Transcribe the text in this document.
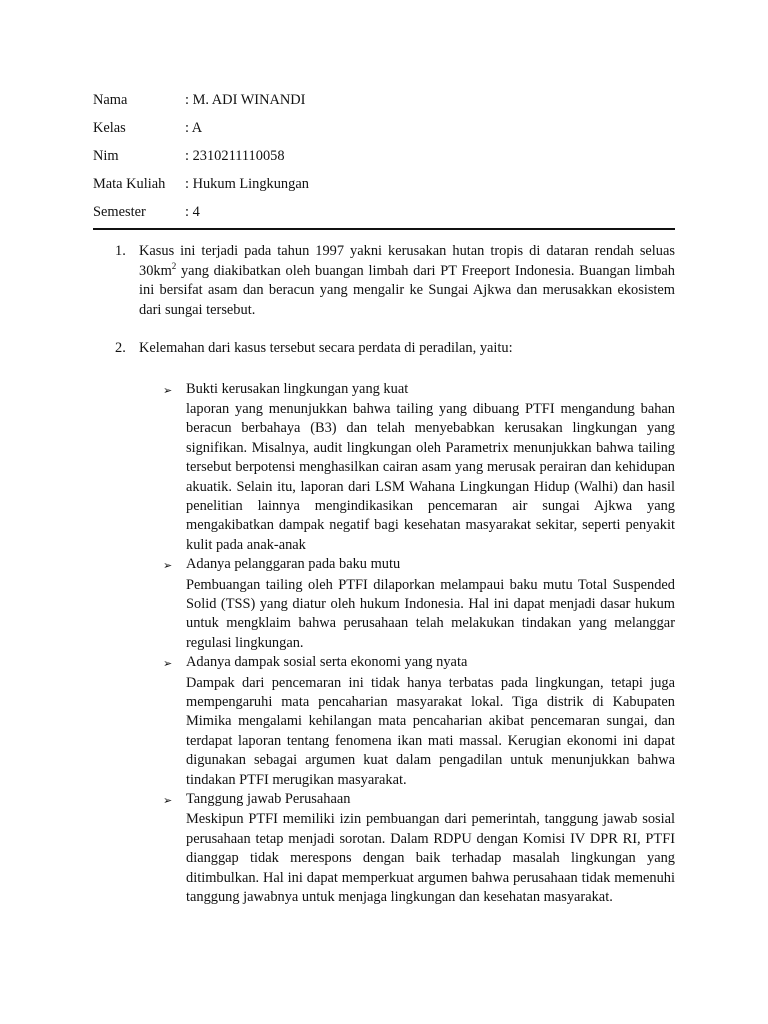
Nama	: M. ADI WINANDI
Kelas	: A
Nim	: 2310211110058
Mata Kuliah	: Hukum Lingkungan
Semester	: 4
1. Kasus ini terjadi pada tahun 1997 yakni kerusakan hutan tropis di dataran rendah seluas $30km^2$ yang diakibatkan oleh buangan limbah dari PT Freeport Indonesia. Buangan limbah ini bersifat asam dan beracun yang mengalir ke Sungai Ajkwa dan merusakkan ekosistem dari sungai tersebut.
2. Kelemahan dari kasus tersebut secara perdata di peradilan, yaitu:
➢ Bukti kerusakan lingkungan yang kuat
laporan yang menunjukkan bahwa tailing yang dibuang PTFI mengandung bahan beracun berbahaya (B3) dan telah menyebabkan kerusakan lingkungan yang signifikan. Misalnya, audit lingkungan oleh Parametrix menunjukkan bahwa tailing tersebut berpotensi menghasilkan cairan asam yang merusak perairan dan kehidupan akuatik. Selain itu, laporan dari LSM Wahana Lingkungan Hidup (Walhi) dan hasil penelitian lainnya mengindikasikan pencemaran air sungai Ajkwa yang mengakibatkan dampak negatif bagi kesehatan masyarakat sekitar, seperti penyakit kulit pada anak-anak
➢ Adanya pelanggaran pada baku mutu
Pembuangan tailing oleh PTFI dilaporkan melampaui baku mutu Total Suspended Solid (TSS) yang diatur oleh hukum Indonesia. Hal ini dapat menjadi dasar hukum untuk mengklaim bahwa perusahaan telah melakukan tindakan yang melanggar regulasi lingkungan.
➢ Adanya dampak sosial serta ekonomi yang nyata
Dampak dari pencemaran ini tidak hanya terbatas pada lingkungan, tetapi juga mempengaruhi mata pencaharian masyarakat lokal. Tiga distrik di Kabupaten Mimika mengalami kehilangan mata pencaharian akibat pencemaran sungai, dan terdapat laporan tentang fenomena ikan mati massal. Kerugian ekonomi ini dapat digunakan sebagai argumen kuat dalam pengadilan untuk menunjukkan bahwa tindakan PTFI merugikan masyarakat.
➢ Tanggung jawab Perusahaan
Meskipun PTFI memiliki izin pembuangan dari pemerintah, tanggung jawab sosial perusahaan tetap menjadi sorotan. Dalam RDPU dengan Komisi IV DPR RI, PTFI dianggap tidak merespons dengan baik terhadap masalah lingkungan yang ditimbulkan. Hal ini dapat memperkuat argumen bahwa perusahaan tidak memenuhi tanggung jawabnya untuk menjaga lingkungan dan kesehatan masyarakat.
